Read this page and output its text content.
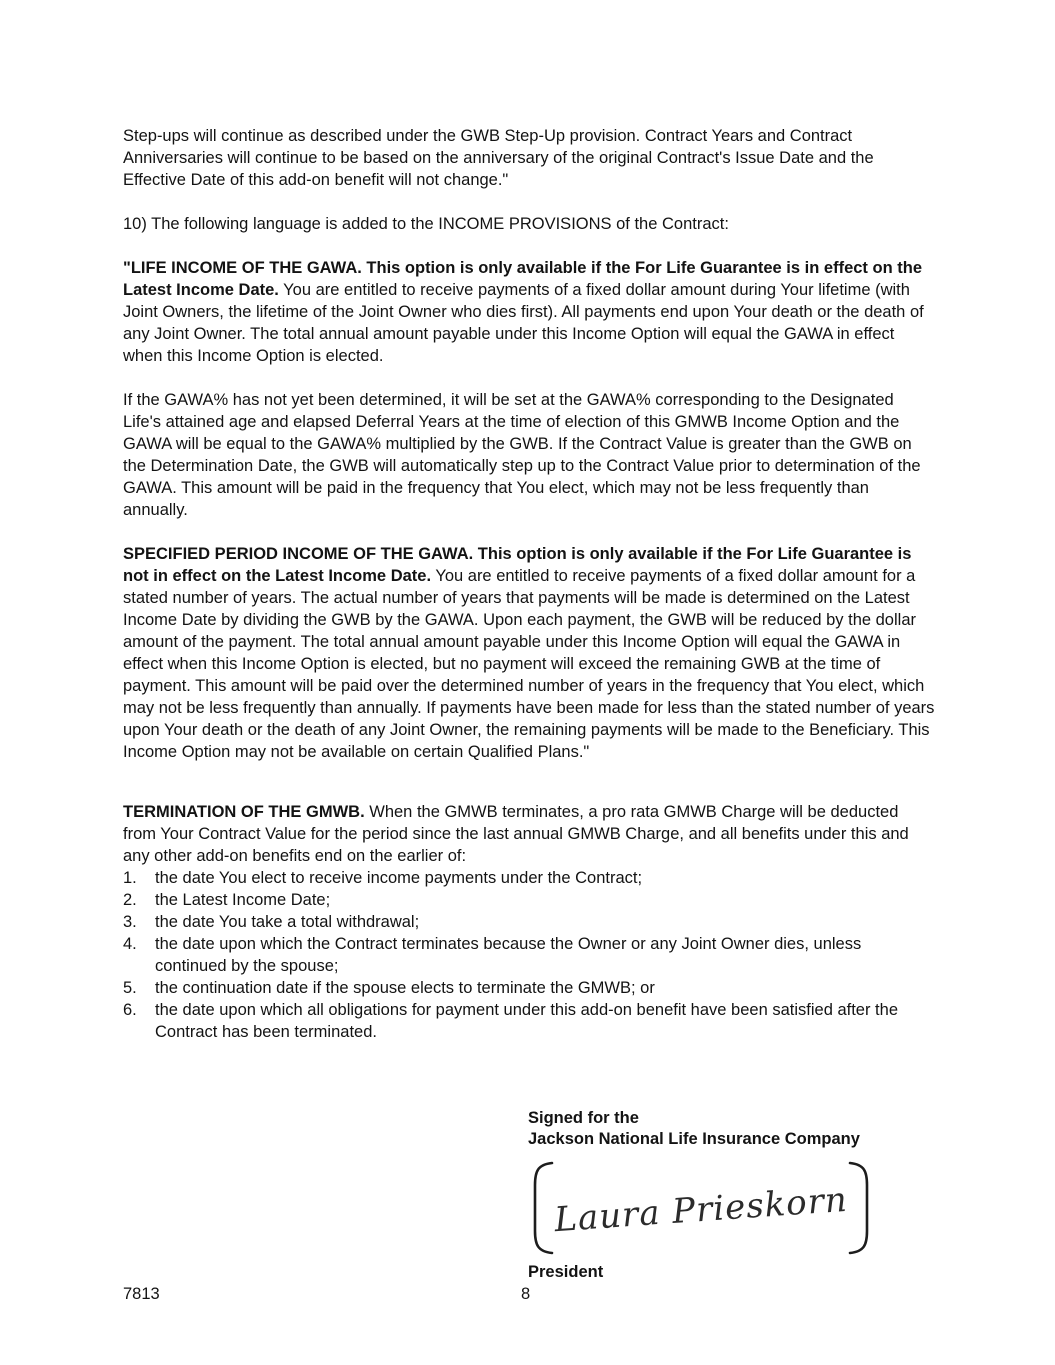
Step-ups will continue as described under the GWB Step-Up provision. Contract Years and Contract Anniversaries will continue to be based on the anniversary of the original Contract's Issue Date and the Effective Date of this add-on benefit will not change."

10) The following language is added to the INCOME PROVISIONS of the Contract:

"LIFE INCOME OF THE GAWA. This option is only available if the For Life Guarantee is in effect on the Latest Income Date. You are entitled to receive payments of a fixed dollar amount during Your lifetime (with Joint Owners, the lifetime of the Joint Owner who dies first). All payments end upon Your death or the death of any Joint Owner. The total annual amount payable under this Income Option will equal the GAWA in effect when this Income Option is elected.

If the GAWA% has not yet been determined, it will be set at the GAWA% corresponding to the Designated Life's attained age and elapsed Deferral Years at the time of election of this GMWB Income Option and the GAWA will be equal to the GAWA% multiplied by the GWB. If the Contract Value is greater than the GWB on the Determination Date, the GWB will automatically step up to the Contract Value prior to determination of the GAWA. This amount will be paid in the frequency that You elect, which may not be less frequently than annually.

SPECIFIED PERIOD INCOME OF THE GAWA. This option is only available if the For Life Guarantee is not in effect on the Latest Income Date. You are entitled to receive payments of a fixed dollar amount for a stated number of years. The actual number of years that payments will be made is determined on the Latest Income Date by dividing the GWB by the GAWA. Upon each payment, the GWB will be reduced by the dollar amount of the payment. The total annual amount payable under this Income Option will equal the GAWA in effect when this Income Option is elected, but no payment will exceed the remaining GWB at the time of payment. This amount will be paid over the determined number of years in the frequency that You elect, which may not be less frequently than annually. If payments have been made for less than the stated number of years upon Your death or the death of any Joint Owner, the remaining payments will be made to the Beneficiary. This Income Option may not be available on certain Qualified Plans."

TERMINATION OF THE GMWB. When the GMWB terminates, a pro rata GMWB Charge will be deducted from Your Contract Value for the period since the last annual GMWB Charge, and all benefits under this and any other add-on benefits end on the earlier of:

1.	the date You elect to receive income payments under the Contract;
2.	the Latest Income Date;
3.	the date You take a total withdrawal;
4.	the date upon which the Contract terminates because the Owner or any Joint Owner dies, unless continued by the spouse;
5.	the continuation date if the spouse elects to terminate the GMWB; or
6.	the date upon which all obligations for payment under this add-on benefit have been satisfied after the Contract has been terminated.
Signed for the
Jackson National Life Insurance Company
Laura Prieskorn
President
7813	8
